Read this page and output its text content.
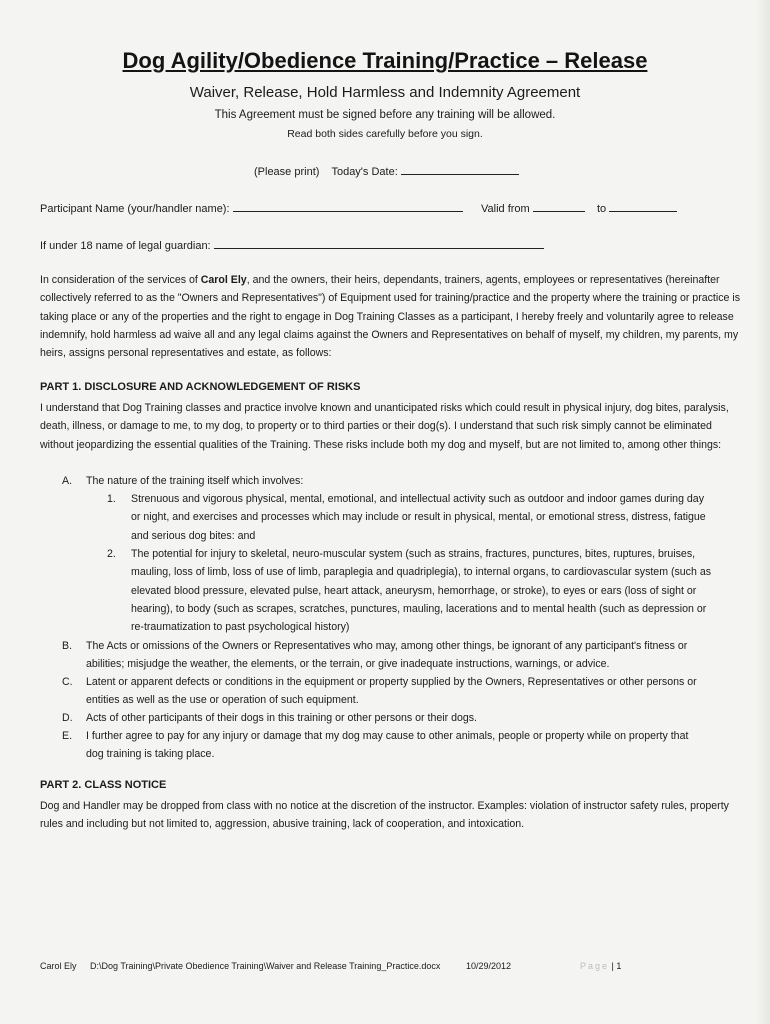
Dog Agility/Obedience Training/Practice – Release
Waiver, Release, Hold Harmless and Indemnity Agreement
This Agreement must be signed before any training will be allowed.
Read both sides carefully before you sign.
(Please print) Today's Date:
Participant Name (your/handler name):	Valid from	to
If under 18 name of legal guardian:
In consideration of the services of Carol Ely, and the owners, their heirs, dependants, trainers, agents, employees or representatives (hereinafter collectively referred to as the "Owners and Representatives") of Equipment used for training/practice and the property where the training or practice is taking place or any of the properties and the right to engage in Dog Training Classes as a participant, I hereby freely and voluntarily agree to release indemnify, hold harmless ad waive all and any legal claims against the Owners and Representatives on behalf of myself, my children, my parents, my heirs, assigns personal representatives and estate, as follows:
PART 1. DISCLOSURE AND ACKNOWLEDGEMENT OF RISKS
I understand that Dog Training classes and practice involve known and unanticipated risks which could result in physical injury, dog bites, paralysis, death, illness, or damage to me, to my dog, to property or to third parties or their dog(s). I understand that such risk simply cannot be eliminated without jeopardizing the essential qualities of the Training. These risks include both my dog and myself, but are not limited to, among other things:
A. The nature of the training itself which involves:
1. Strenuous and vigorous physical, mental, emotional, and intellectual activity such as outdoor and indoor games during day or night, and exercises and processes which may include or result in physical, mental, or emotional stress, distress, fatigue and serious dog bites: and
2. The potential for injury to skeletal, neuro-muscular system (such as strains, fractures, punctures, bites, ruptures, bruises, mauling, loss of limb, loss of use of limb, paraplegia and quadriplegia), to internal organs, to cardiovascular system (such as elevated blood pressure, elevated pulse, heart attack, aneurysm, hemorrhage, or stroke), to eyes or ears (loss of sight or hearing), to body (such as scrapes, scratches, punctures, mauling, lacerations and to mental health (such as depression or re-traumatization to past psychological history)
B. The Acts or omissions of the Owners or Representatives who may, among other things, be ignorant of any participant's fitness or abilities; misjudge the weather, the elements, or the terrain, or give inadequate instructions, warnings, or advice.
C. Latent or apparent defects or conditions in the equipment or property supplied by the Owners, Representatives or other persons or entities as well as the use or operation of such equipment.
D. Acts of other participants of their dogs in this training or other persons or their dogs.
E. I further agree to pay for any injury or damage that my dog may cause to other animals, people or property while on property that dog training is taking place.
PART 2. CLASS NOTICE
Dog and Handler may be dropped from class with no notice at the discretion of the instructor. Examples: violation of instructor safety rules, property rules and including but not limited to, aggression, abusive training, lack of cooperation, and intoxication.
Carol Ely D:\Dog Training\Private Obedience Training\Waiver and Release Training_Practice.docx	10/29/2012	Page | 1
